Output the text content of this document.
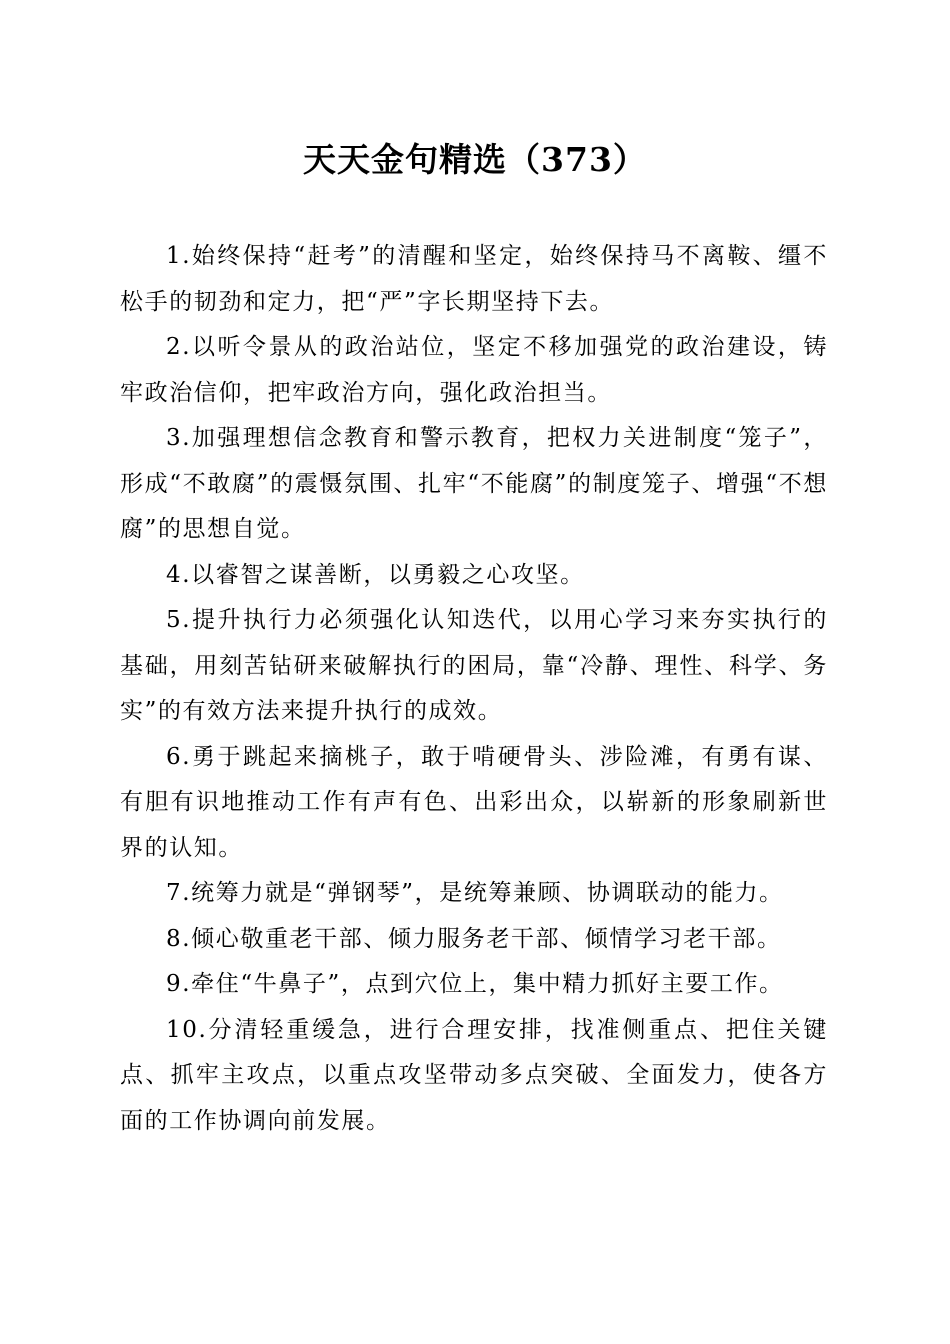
天天金句精选（373）

1.始终保持“赶考”的清醒和坚定，始终保持马不离鞍、缰不松手的韧劲和定力，把“严”字长期坚持下去。

2.以听令景从的政治站位，坚定不移加强党的政治建设，铸牢政治信仰，把牢政治方向，强化政治担当。

3.加强理想信念教育和警示教育，把权力关进制度“笼子”，形成“不敢腐”的震慑氛围、扎牢“不能腐”的制度笼子、增强“不想腐”的思想自觉。

4.以睿智之谋善断，以勇毅之心攻坚。

5.提升执行力必须强化认知迭代，以用心学习来夯实执行的基础，用刻苦钻研来破解执行的困局，靠“冷静、理性、科学、务实”的有效方法来提升执行的成效。

6.勇于跳起来摘桃子，敢于啃硬骨头、涉险滩，有勇有谋、有胆有识地推动工作有声有色、出彩出众，以崭新的形象刷新世界的认知。

7.统筹力就是“弹钢琴”，是统筹兼顾、协调联动的能力。

8.倾心敬重老干部、倾力服务老干部、倾情学习老干部。

9.牵住“牛鼻子”，点到穴位上，集中精力抓好主要工作。

10.分清轻重缓急，进行合理安排，找准侧重点、把住关键点、抓牢主攻点，以重点攻坚带动多点突破、全面发力，使各方面的工作协调向前发展。
